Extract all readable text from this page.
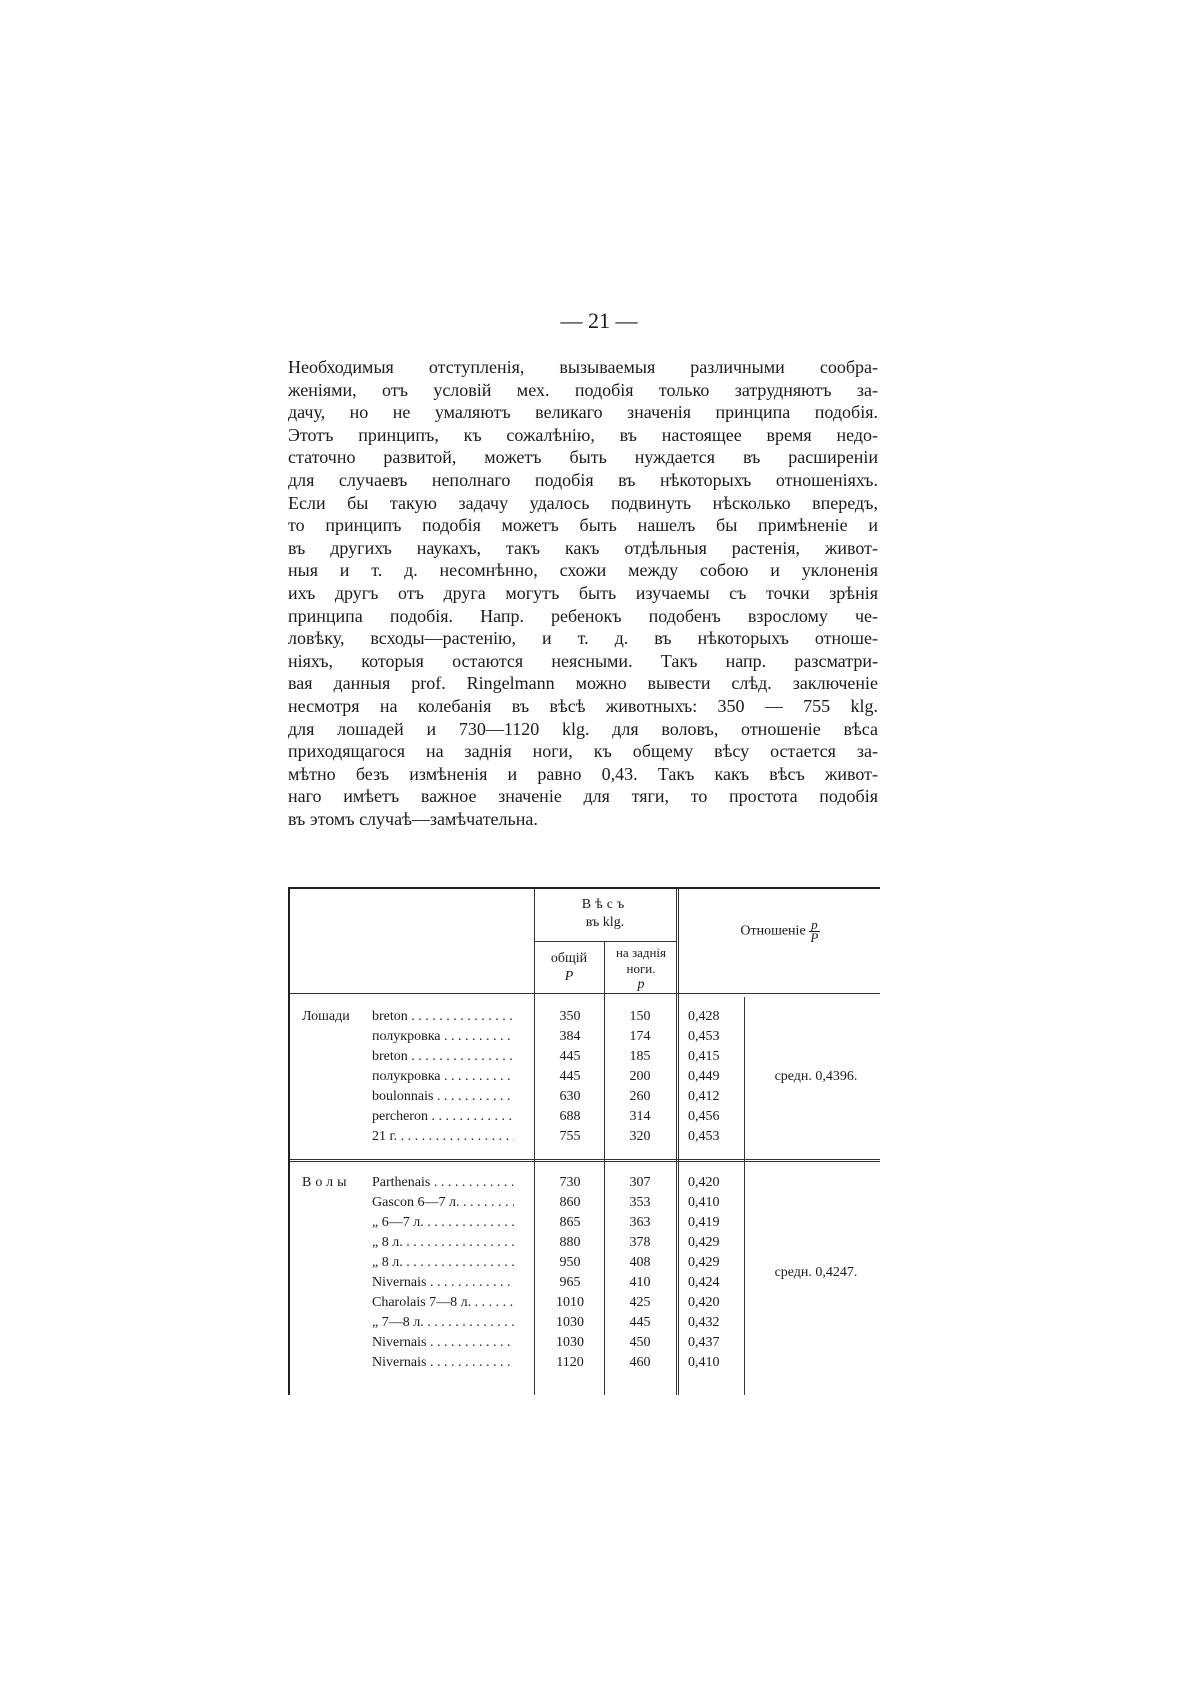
— 21 —

Необходимыя отступленія, вызываемыя различными сообра-
женіями, отъ условій мех. подобія только затрудняютъ за-
дачу, но не умаляютъ великаго значенія принципа подобія.
Этотъ принципъ, къ сожалѣнію, въ настоящее время недо-
статочно развитой, можетъ быть нуждается въ расширеніи
для случаевъ неполнаго подобія въ нѣкоторыхъ отношеніяхъ.
Если бы такую задачу удалось подвинуть нѣсколько впередъ,
то принципъ подобія можетъ быть нашелъ бы примѣненіе и
въ другихъ наукахъ, такъ какъ отдѣльныя растенія, живот-
ныя и т. д. несомнѣнно, схожи между собою и уклоненія
ихъ другъ отъ друга могутъ быть изучаемы съ точки зрѣнія
принципа подобія. Напр. ребенокъ подобенъ взрослому че-
ловѣку, всходы—растенію, и т. д. въ нѣкоторыхъ отноше-
ніяхъ, которыя остаются неясными. Такъ напр. разсматри-
вая данныя prof. Ringelmann можно вывести слѣд. заключеніе
несмотря на колебанія въ вѣсѣ животныхъ: 350 — 755 klg.
для лошадей и 730—1120 klg. для воловъ, отношеніе вѣса
приходящагося на заднія ноги, къ общему вѣсу остается за-
мѣтно безъ измѣненія и равно 0,43. Такъ какъ вѣсъ живот-
наго имѣетъ важное значеніе для тяги, то простота подобія
въ этомъ случаѣ—замѣчательна.

Вѣсъ
въ klg.
общій
P
на заднія ноги.
p
Отношеніе $\frac{p}{P}$
Лошади
средн. 0,4396.
breton . . .	350	150	0,428
полукровка . . .	384	174	0,453
breton . . .	445	185	0,415
полукровка . . .	445	200	0,449
boulonnais . . .	630	260	0,412
percheron . . .	688	314	0,456
21 г. . . .	755	320	0,453
Волы
средн. 0,4247.
Parthenais . . .	730	307	0,420
Gascon 6—7 л. . . .	860	353	0,410
„ 6—7 л. . . .	865	363	0,419
„ 8 л. . . .	880	378	0,429
„ 8 л. . . .	950	408	0,429
Nivernais . . .	965	410	0,424
Charolais 7—8 л. . . .	1010	425	0,420
„ 7—8 л. . . .	1030	445	0,432
Nivernais . . .	1030	450	0,437
Nivernais . . .	1120	460	0,410
